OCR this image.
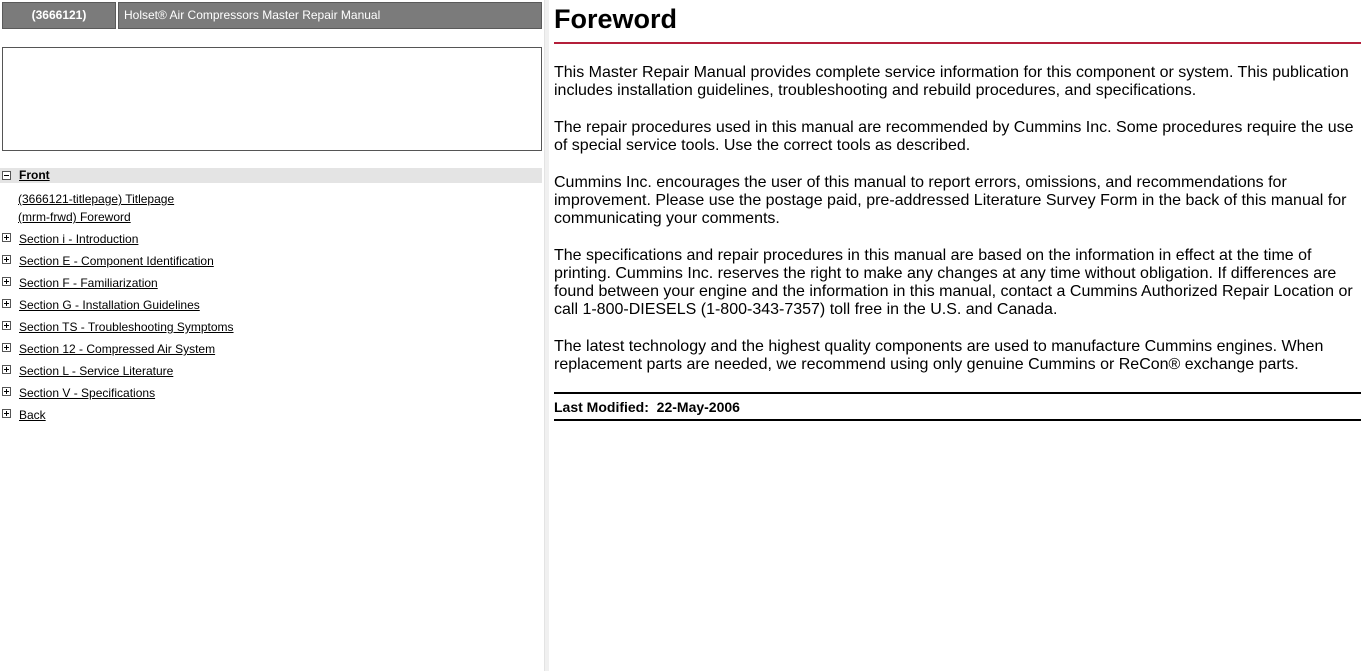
(3666121)	Holset® Air Compressors Master Repair Manual
Front
(3666121-titlepage) Titlepage
(mrm-frwd) Foreword
Section i - Introduction
Section E - Component Identification
Section F - Familiarization
Section G - Installation Guidelines
Section TS - Troubleshooting Symptoms
Section 12 - Compressed Air System
Section L - Service Literature
Section V - Specifications
Back
Foreword

This Master Repair Manual provides complete service information for this component or system. This publication includes installation guidelines, troubleshooting and rebuild procedures, and specifications.

The repair procedures used in this manual are recommended by Cummins Inc. Some procedures require the use of special service tools. Use the correct tools as described.

Cummins Inc. encourages the user of this manual to report errors, omissions, and recommendations for improvement. Please use the postage paid, pre-addressed Literature Survey Form in the back of this manual for communicating your comments.

The specifications and repair procedures in this manual are based on the information in effect at the time of printing. Cummins Inc. reserves the right to make any changes at any time without obligation. If differences are found between your engine and the information in this manual, contact a Cummins Authorized Repair Location or call 1-800-DIESELS (1-800-343-7357) toll free in the U.S. and Canada.

The latest technology and the highest quality components are used to manufacture Cummins engines. When replacement parts are needed, we recommend using only genuine Cummins or ReCon® exchange parts.

Last Modified: 22-May-2006
